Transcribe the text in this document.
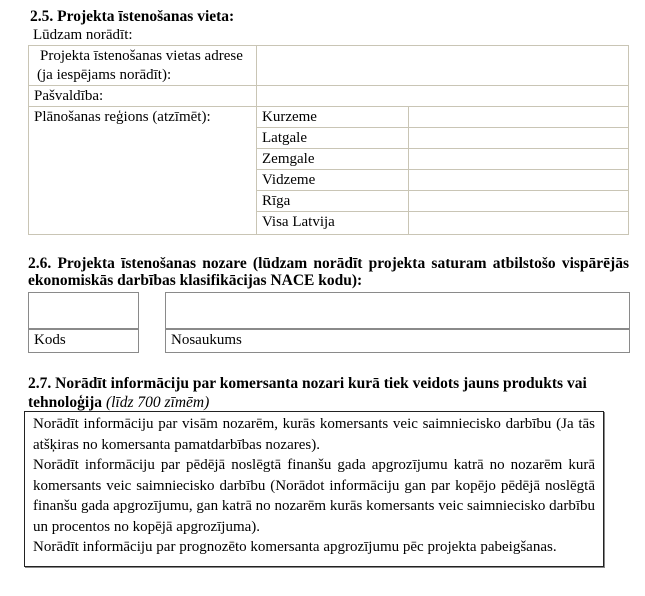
2.5. Projekta īstenošanas vieta:
Lūdzam norādīt:
Projekta īstenošanas vietas adrese (ja iespējams norādīt):
Pašvaldība:
Plānošanas reģions (atzīmēt):	Kurzeme
Latgale
Zemgale
Vidzeme
Rīga
Visa Latvija
2.6. Projekta īstenošanas nozare (lūdzam norādīt projekta saturam atbilstošo vispārējās ekonomiskās darbības klasifikācijas NACE kodu):
Kods	Nosaukums
2.7. Norādīt informāciju par komersanta nozari kurā tiek veidots jauns produkts vai tehnoloģija (līdz 700 zīmēm)

Norādīt informāciju par visām nozarēm, kurās komersants veic saimniecisko darbību (Ja tās atšķiras no komersanta pamatdarbības nozares).

Norādīt informāciju par pēdējā noslēgtā finanšu gada apgrozījumu katrā no nozarēm kurā komersants veic saimniecisko darbību (Norādot informāciju gan par kopējo pēdējā noslēgtā finanšu gada apgrozījumu, gan katrā no nozarēm kurās komersants veic saimniecisko darbību un procentos no kopējā apgrozījuma).

Norādīt informāciju par prognozēto komersanta apgrozījumu pēc projekta pabeigšanas.
